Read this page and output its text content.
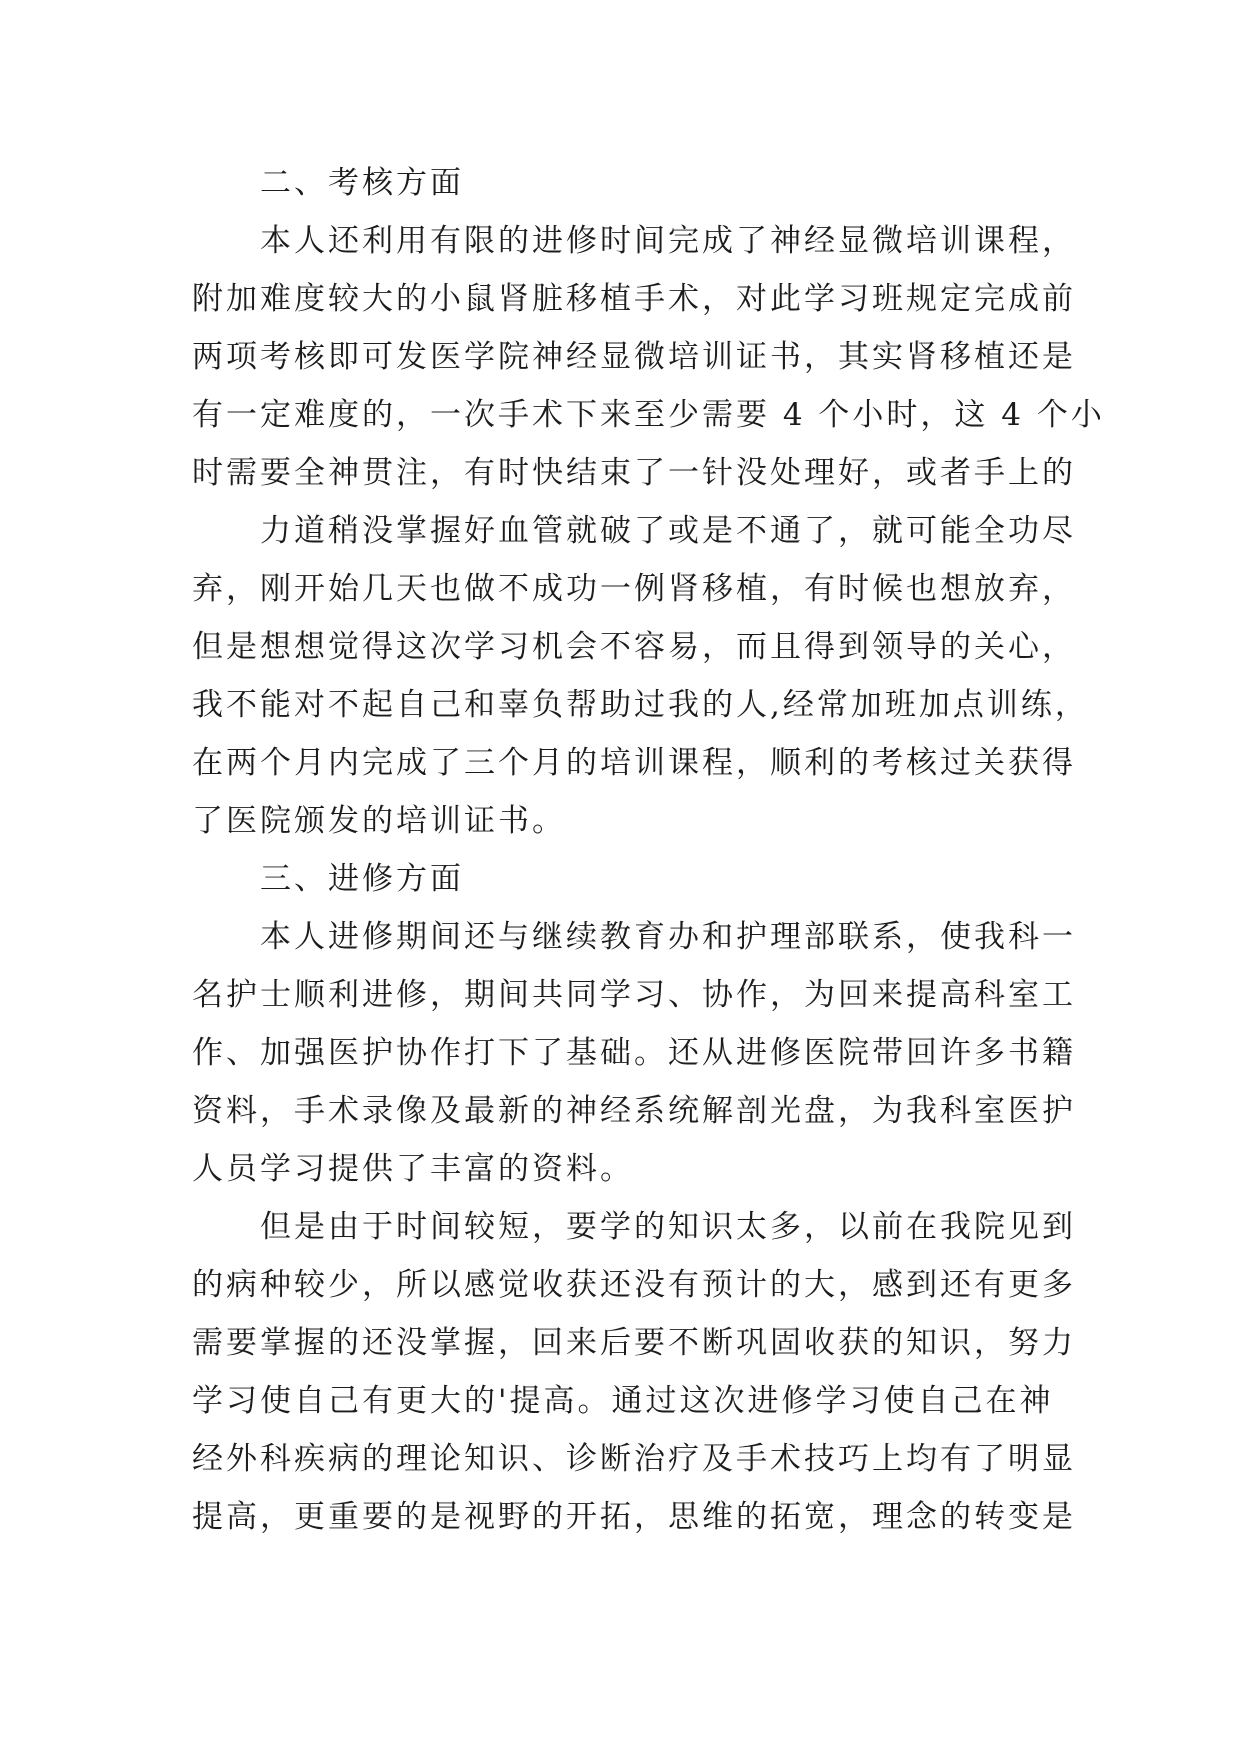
二、考核方面
本人还利用有限的进修时间完成了神经显微培训课程，
附加难度较大的小鼠肾脏移植手术，对此学习班规定完成前
两项考核即可发医学院神经显微培训证书，其实肾移植还是
有一定难度的，一次手术下来至少需要 4 个小时，这 4 个小
时需要全神贯注，有时快结束了一针没处理好，或者手上的
力道稍没掌握好血管就破了或是不通了，就可能全功尽
弃，刚开始几天也做不成功一例肾移植，有时候也想放弃，
但是想想觉得这次学习机会不容易，而且得到领导的关心，
我不能对不起自己和辜负帮助过我的人,经常加班加点训练，
在两个月内完成了三个月的培训课程，顺利的考核过关获得
了医院颁发的培训证书。
三、进修方面
本人进修期间还与继续教育办和护理部联系，使我科一
名护士顺利进修，期间共同学习、协作，为回来提高科室工
作、加强医护协作打下了基础。还从进修医院带回许多书籍
资料，手术录像及最新的神经系统解剖光盘，为我科室医护
人员学习提供了丰富的资料。
但是由于时间较短，要学的知识太多，以前在我院见到
的病种较少，所以感觉收获还没有预计的大，感到还有更多
需要掌握的还没掌握，回来后要不断巩固收获的知识，努力
学习使自己有更大的'提高。通过这次进修学习使自己在神
经外科疾病的理论知识、诊断治疗及手术技巧上均有了明显
提高，更重要的是视野的开拓，思维的拓宽，理念的转变是
